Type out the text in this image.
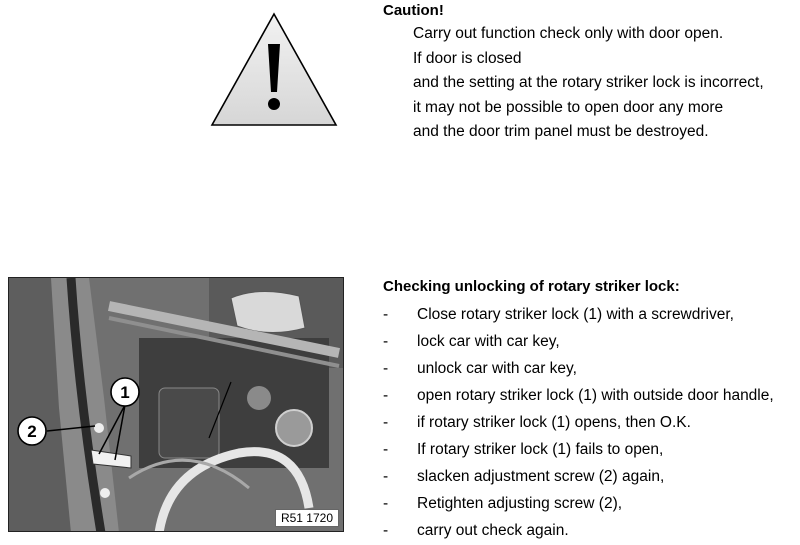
Caution!

Carry out function check only with door open.
If door is closed
and the setting at the rotary striker lock is incorrect,
it may not be possible to open door any more
and the door trim panel must be destroyed.
1
2
R51 1720

Checking unlocking of rotary striker lock:

-	Close rotary striker lock (1) with a screwdriver,
-	lock car with car key,
-	unlock car with car key,
-	open rotary striker lock (1) with outside door handle,
-	if rotary striker lock (1) opens, then O.K.
-	If rotary striker lock (1) fails to open,
-	slacken adjustment screw (2) again,
-	Retighten adjusting screw (2),
-	carry out check again.
